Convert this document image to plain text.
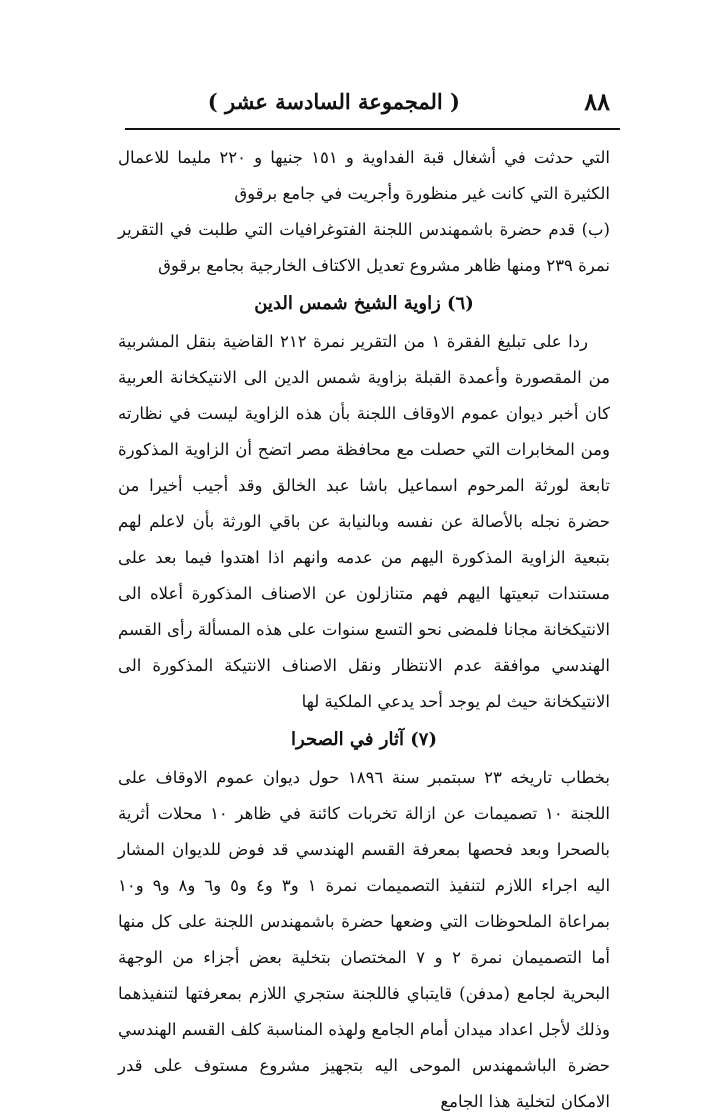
٨٨
( المجموعة السادسة عشر )

التي حدثت في أشغال قبة الفداوية و ١٥١ جنيها و ٢٢٠ مليما للاعمال الكثيرة التي كانت غير منظورة وأجريت في جامع برقوق

(ب) قدم حضرة باشمهندس اللجنة الفتوغرافيات التي طلبت في التقرير نمرة ٢٣٩ ومنها ظاهر مشروع تعديل الاكتاف الخارجية بجامع برقوق

(٦) زاوية الشيخ شمس الدين

ردا على تبليغ الفقرة ١ من التقرير نمرة ٢١٢ القاضية بنقل المشربية من المقصورة وأعمدة القبلة بزاوية شمس الدين الى الانتيكخانة العربية كان أخبر ديوان عموم الاوقاف اللجنة بأن هذه الزاوية ليست في نظارته ومن المخابرات التي حصلت مع محافظة مصر اتضح أن الزاوية المذكورة تابعة لورثة المرحوم اسماعيل باشا عبد الخالق وقد أجيب أخيرا من حضرة نجله بالأصالة عن نفسه وبالنيابة عن باقي الورثة بأن لاعلم لهم بتبعية الزاوية المذكورة اليهم من عدمه وانهم اذا اهتدوا فيما بعد على مستندات تبعيتها اليهم فهم متنازلون عن الاصناف المذكورة أعلاه الى الانتيكخانة مجانا فلمضى نحو التسع سنوات على هذه المسألة رأى القسم الهندسي موافقة عدم الانتظار ونقل الاصناف الانتيكة المذكورة الى الانتيكخانة حيث لم يوجد أحد يدعي الملكية لها

(٧) آثار في الصحرا

بخطاب تاريخه ٢٣ سبتمبر سنة ١٨٩٦ حول ديوان عموم الاوقاف على اللجنة ١٠ تصميمات عن ازالة تخربات كائنة في ظاهر ١٠ محلات أثرية بالصحرا وبعد فحصها بمعرفة القسم الهندسي قد فوض للديوان المشار اليه اجراء اللازم لتنفيذ التصميمات نمرة ١ و٣ و٤ و٥ و٦ و٨ و٩ و١٠ بمراعاة الملحوظات التي وضعها حضرة باشمهندس اللجنة على كل منها أما التصميمان نمرة ٢ و ٧ المختصان بتخلية بعض أجزاء من الوجهة البحرية لجامع (مدفن) قايتباي فاللجنة ستجري اللازم بمعرفتها لتنفيذهما وذلك لأجل اعداد ميدان أمام الجامع ولهذه المناسبة كلف القسم الهندسي حضرة الباشمهندس الموحى اليه بتجهيز مشروع مستوف على قدر الامكان لتخلية هذا الجامع
